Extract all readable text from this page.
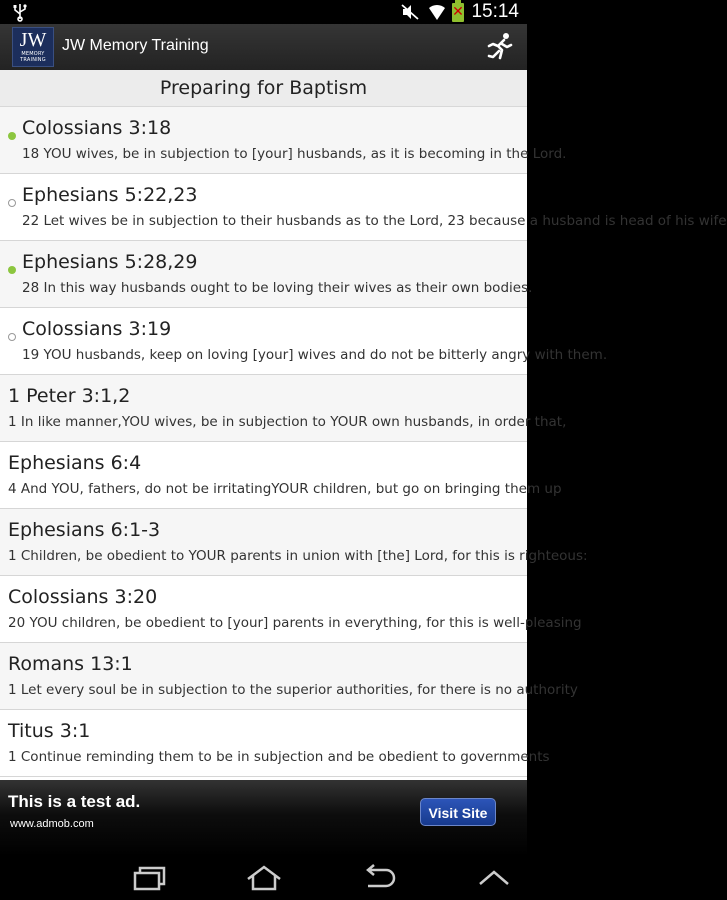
✕ 15:14
JW
MEMORY TRAINING
JW Memory Training
Preparing for Baptism
Colossians 3:18
18 YOU wives, be in subjection to [your] husbands, as it is becoming in the Lord.
Ephesians 5:22,23
22 Let wives be in subjection to their husbands as to the Lord, 23 because a husband is head of his wife
Ephesians 5:28,29
28 In this way husbands ought to be loving their wives as their own bodies.
Colossians 3:19
19 YOU husbands, keep on loving [your] wives and do not be bitterly angry with them.
1 Peter 3:1,2
1 In like manner,YOU wives, be in subjection to YOUR own husbands, in order that,
Ephesians 6:4
4 And YOU, fathers, do not be irritatingYOUR children, but go on bringing them up
Ephesians 6:1-3
1 Children, be obedient to YOUR parents in union with [the] Lord, for this is righteous:
Colossians 3:20
20 YOU children, be obedient to [your] parents in everything, for this is well-pleasing
Romans 13:1
1 Let every soul be in subjection to the superior authorities, for there is no authority
Titus 3:1
1 Continue reminding them to be in subjection and be obedient to governments
This is a test ad.
www.admob.com
Visit Site
